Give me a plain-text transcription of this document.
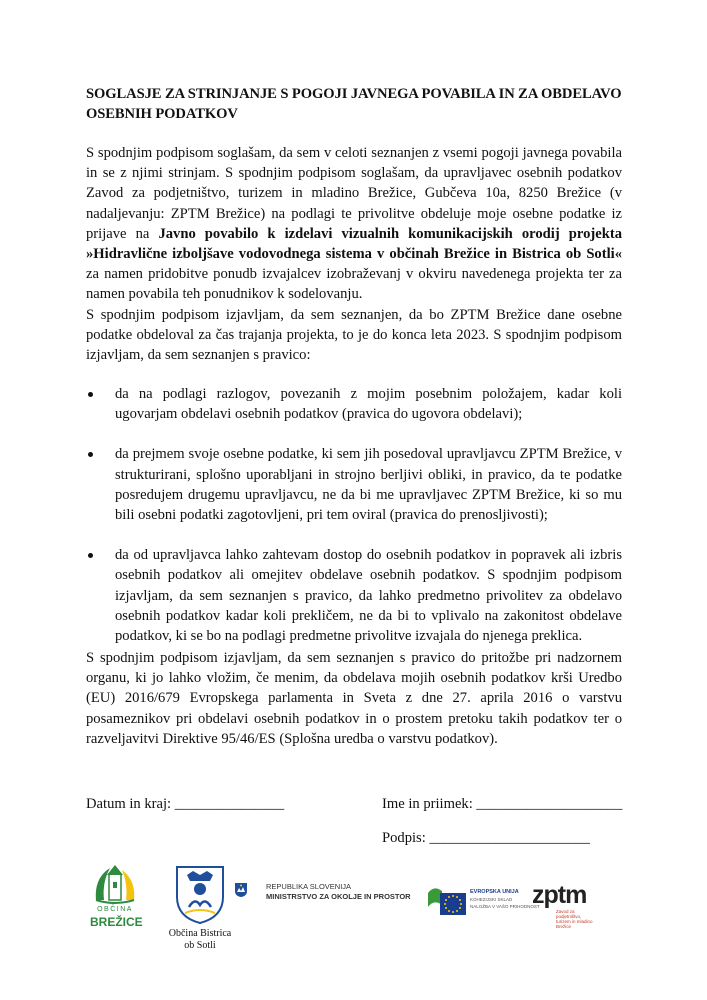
SOGLASJE ZA STRINJANJE S POGOJI JAVNEGA POVABILA IN ZA OBDELAVO OSEBNIH PODATKOV
S spodnjim podpisom soglašam, da sem v celoti seznanjen z vsemi pogoji javnega povabila in se z njimi strinjam. S spodnjim podpisom soglašam, da upravljavec osebnih podatkov Zavod za podjetništvo, turizem in mladino Brežice, Gubčeva 10a, 8250 Brežice (v nadaljevanju: ZPTM Brežice) na podlagi te privolitve obdeluje moje osebne podatke iz prijave na Javno povabilo k izdelavi vizualnih komunikacijskih orodij projekta »Hidravlične izboljšave vodovodnega sistema v občinah Brežice in Bistrica ob Sotli« za namen pridobitve ponudb izvajalcev izobraževanj v okviru navedenega projekta ter za namen povabila teh ponudnikov k sodelovanju.
S spodnjim podpisom izjavljam, da sem seznanjen, da bo ZPTM Brežice dane osebne podatke obdeloval za čas trajanja projekta, to je do konca leta 2023. S spodnjim podpisom izjavljam, da sem seznanjen s pravico:
da na podlagi razlogov, povezanih z mojim posebnim položajem, kadar koli ugovarjam obdelavi osebnih podatkov (pravica do ugovora obdelavi);
da prejmem svoje osebne podatke, ki sem jih posedoval upravljavcu ZPTM Brežice, v strukturirani, splošno uporabljani in strojno berljivi obliki, in pravico, da te podatke posredujem drugemu upravljavcu, ne da bi me upravljavec ZPTM Brežice, ki so mu bili osebni podatki zagotovljeni, pri tem oviral (pravica do prenosljivosti);
da od upravljavca lahko zahtevam dostop do osebnih podatkov in popravek ali izbris osebnih podatkov ali omejitev obdelave osebnih podatkov. S spodnjim podpisom izjavljam, da sem seznanjen s pravico, da lahko predmetno privolitev za obdelavo osebnih podatkov kadar koli prekličem, ne da bi to vplivalo na zakonitost obdelave podatkov, ki se bo na podlagi predmetne privolitve izvajala do njenega preklica.
S spodnjim podpisom izjavljam, da sem seznanjen s pravico do pritožbe pri nadzornem organu, ki jo lahko vložim, če menim, da obdelava mojih osebnih podatkov krši Uredbo (EU) 2016/679 Evropskega parlamenta in Sveta z dne 27. aprila 2016 o varstvu posameznikov pri obdelavi osebnih podatkov in o prostem pretoku takih podatkov ter o razveljavitvi Direktive 95/46/ES (Splošna uredba o varstvu podatkov).
Datum in kraj: _______________	Ime in priimek: ____________________
Podpis: ______________________
OBČINA
BREŽICE
Občina Bistrica
ob Sotli
REPUBLIKA SLOVENIJA
MINISTRSTVO ZA OKOLJE IN PROSTOR	EVROPSKA UNIJA
KOHEZIJSKI SKLAD
NALOŽBA V VAŠO PRIHODNOST
zptm
Zavod za podjetništvo,
turizem in mladino Brežice
